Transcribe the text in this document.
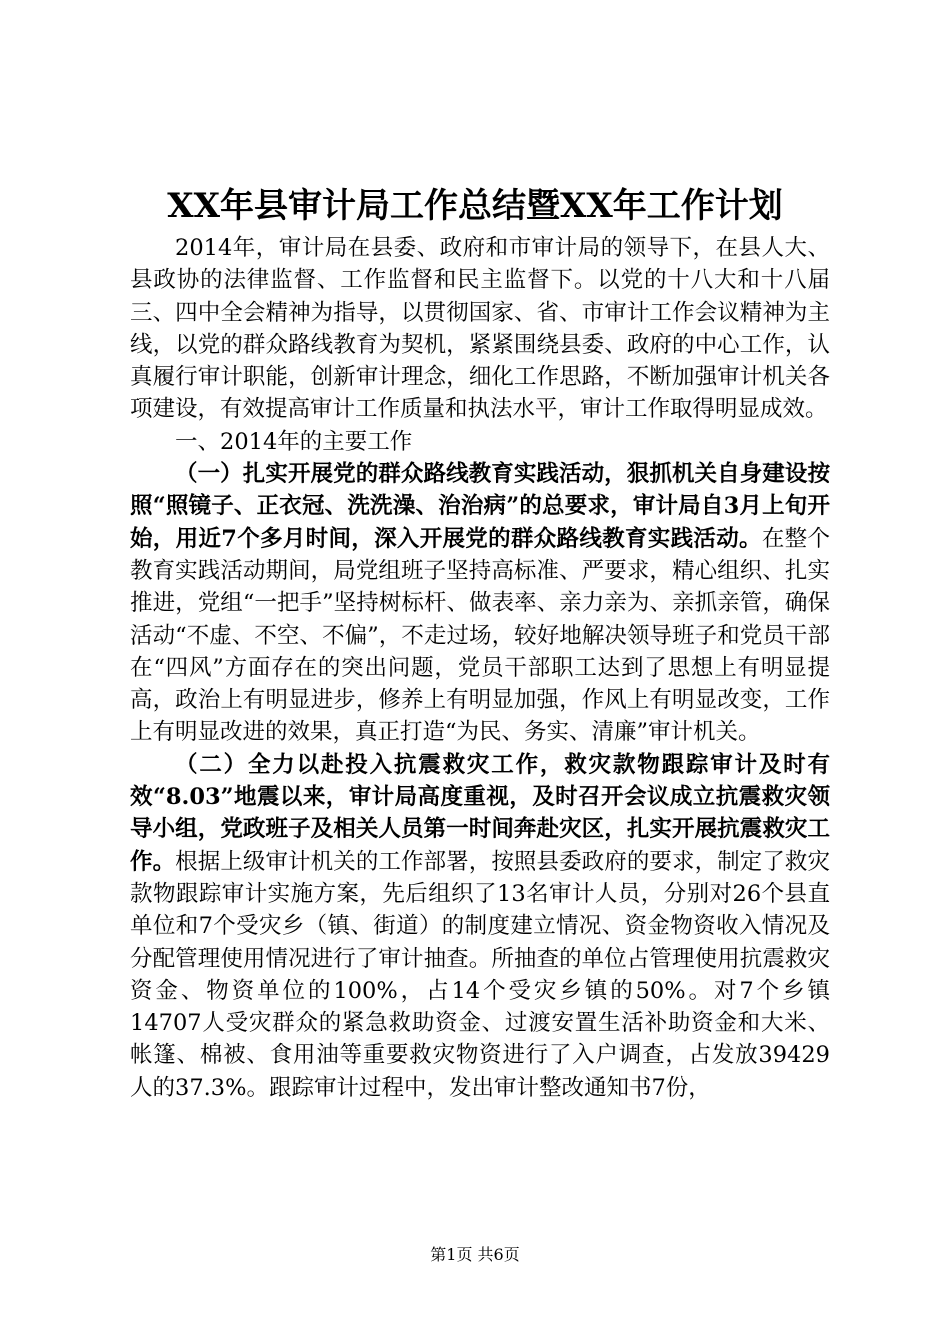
XX年县审计局工作总结暨XX年工作计划

2014年，审计局在县委、政府和市审计局的领导下，在县人大、县政协的法律监督、工作监督和民主监督下。以党的十八大和十八届三、四中全会精神为指导，以贯彻国家、省、市审计工作会议精神为主线，以党的群众路线教育为契机，紧紧围绕县委、政府的中心工作，认真履行审计职能，创新审计理念，细化工作思路，不断加强审计机关各项建设，有效提高审计工作质量和执法水平，审计工作取得明显成效。

一、2014年的主要工作

（一）扎实开展党的群众路线教育实践活动，狠抓机关自身建设按照“照镜子、正衣冠、洗洗澡、治治病”的总要求，审计局自3月上旬开始，用近7个多月时间，深入开展党的群众路线教育实践活动。在整个教育实践活动期间，局党组班子坚持高标准、严要求，精心组织、扎实推进，党组“一把手”坚持树标杆、做表率、亲力亲为、亲抓亲管，确保活动“不虚、不空、不偏”，不走过场，较好地解决领导班子和党员干部在“四风”方面存在的突出问题，党员干部职工达到了思想上有明显提高，政治上有明显进步，修养上有明显加强，作风上有明显改变，工作上有明显改进的效果，真正打造“为民、务实、清廉”审计机关。

（二）全力以赴投入抗震救灾工作，救灾款物跟踪审计及时有效“8.03”地震以来，审计局高度重视，及时召开会议成立抗震救灾领导小组，党政班子及相关人员第一时间奔赴灾区，扎实开展抗震救灾工作。根据上级审计机关的工作部署，按照县委政府的要求，制定了救灾款物跟踪审计实施方案，先后组织了13名审计人员，分别对26个县直单位和7个受灾乡（镇、街道）的制度建立情况、资金物资收入情况及分配管理使用情况进行了审计抽查。所抽查的单位占管理使用抗震救灾资金、物资单位的100%，占14个受灾乡镇的50%。对7个乡镇14707人受灾群众的紧急救助资金、过渡安置生活补助资金和大米、帐篷、棉被、食用油等重要救灾物资进行了入户调查，占发放39429人的37.3%。跟踪审计过程中，发出审计整改通知书7份，

第1页 共6页
